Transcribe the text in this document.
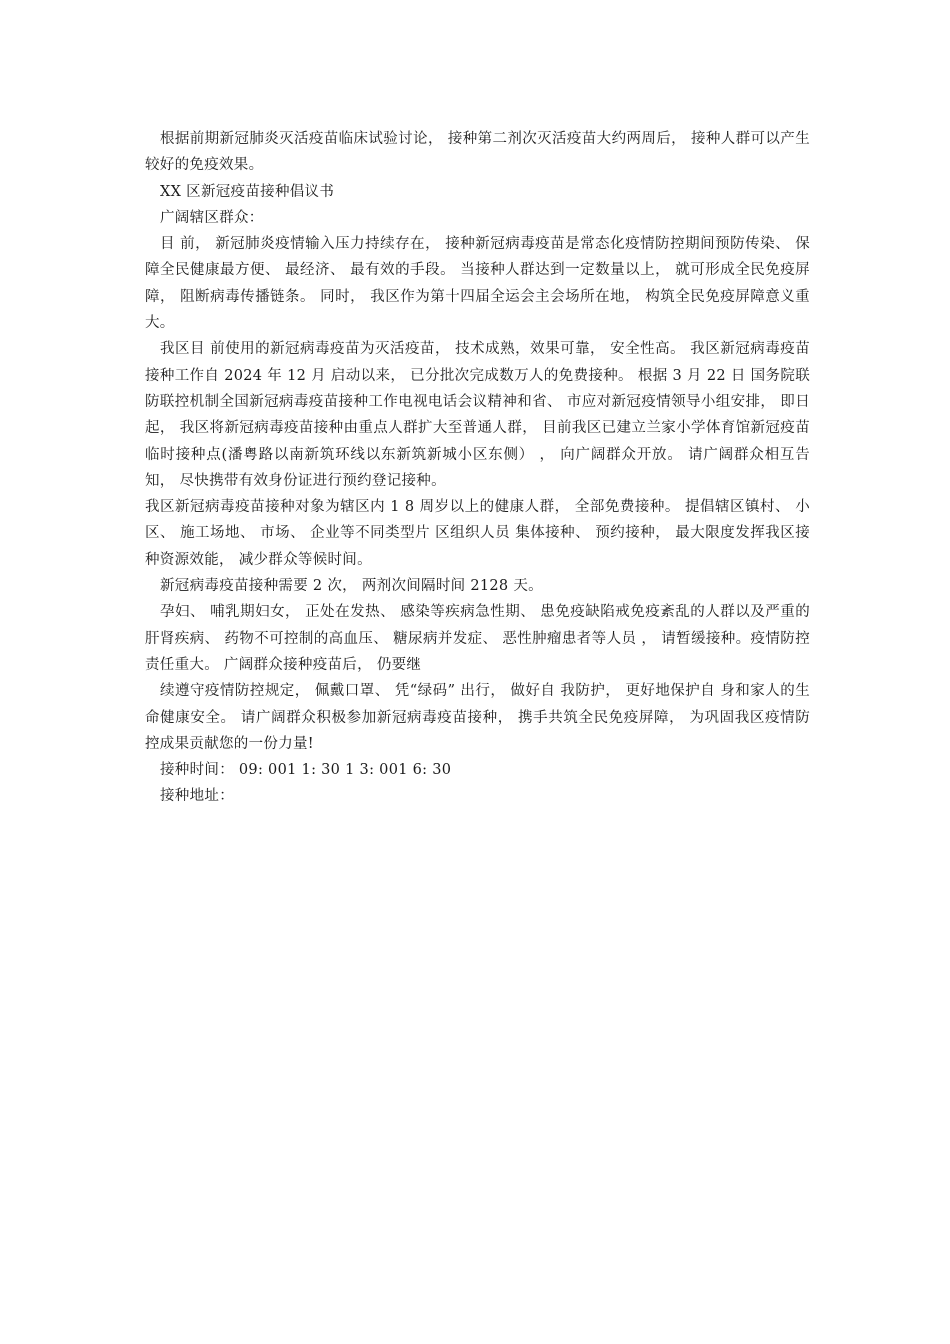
根据前期新冠肺炎灭活疫苗临床试验讨论， 接种第二剂次灭活疫苗大约两周后， 接种人群可以产生较好的免疫效果。

XX 区新冠疫苗接种倡议书

广阔辖区群众：

目 前， 新冠肺炎疫情输入压力持续存在， 接种新冠病毒疫苗是常态化疫情防控期间预防传染、 保障全民健康最方便、 最经济、 最有效的手段。 当接种人群达到一定数量以上， 就可形成全民免疫屏障， 阻断病毒传播链条。 同时， 我区作为第十四届全运会主会场所在地， 构筑全民免疫屏障意义重大。

我区目 前使用的新冠病毒疫苗为灭活疫苗， 技术成熟，效果可靠， 安全性高。 我区新冠病毒疫苗接种工作自 2024 年 12 月 启动以来， 已分批次完成数万人的免费接种。 根据 3 月 22 日 国务院联防联控机制全国新冠病毒疫苗接种工作电视电话会议精神和省、 市应对新冠疫情领导小组安排， 即日 起， 我区将新冠病毒疫苗接种由重点人群扩大至普通人群， 目前我区已建立兰家小学体育馆新冠疫苗临时接种点(潘粤路以南新筑环线以东新筑新城小区东侧） ， 向广阔群众开放。 请广阔群众相互告知， 尽快携带有效身份证进行预约登记接种。

我区新冠病毒疫苗接种对象为辖区内 1 8 周岁以上的健康人群， 全部免费接种。 提倡辖区镇村、 小区、 施工场地、 市场、 企业等不同类型片 区组织人员 集体接种、 预约接种， 最大限度发挥我区接种资源效能， 减少群众等候时间。

新冠病毒疫苗接种需要 2 次， 两剂次间隔时间 2128 天。

孕妇、 哺乳期妇女， 正处在发热、 感染等疾病急性期、 患免疫缺陷戒免疫紊乱的人群以及严重的肝肾疾病、 药物不可控制的高血压、 糖尿病并发症、 恶性肿瘤患者等人员 ， 请暂缓接种。疫情防控责任重大。 广阔群众接种疫苗后， 仍要继

续遵守疫情防控规定， 佩戴口罩、 凭“绿码” 出行， 做好自 我防护， 更好地保护自 身和家人的生命健康安全。 请广阔群众积极参加新冠病毒疫苗接种， 携手共筑全民免疫屏障， 为巩固我区疫情防控成果贡献您的一份力量!

接种时间： 09: 001 1: 30 1 3: 001 6: 30

接种地址：
